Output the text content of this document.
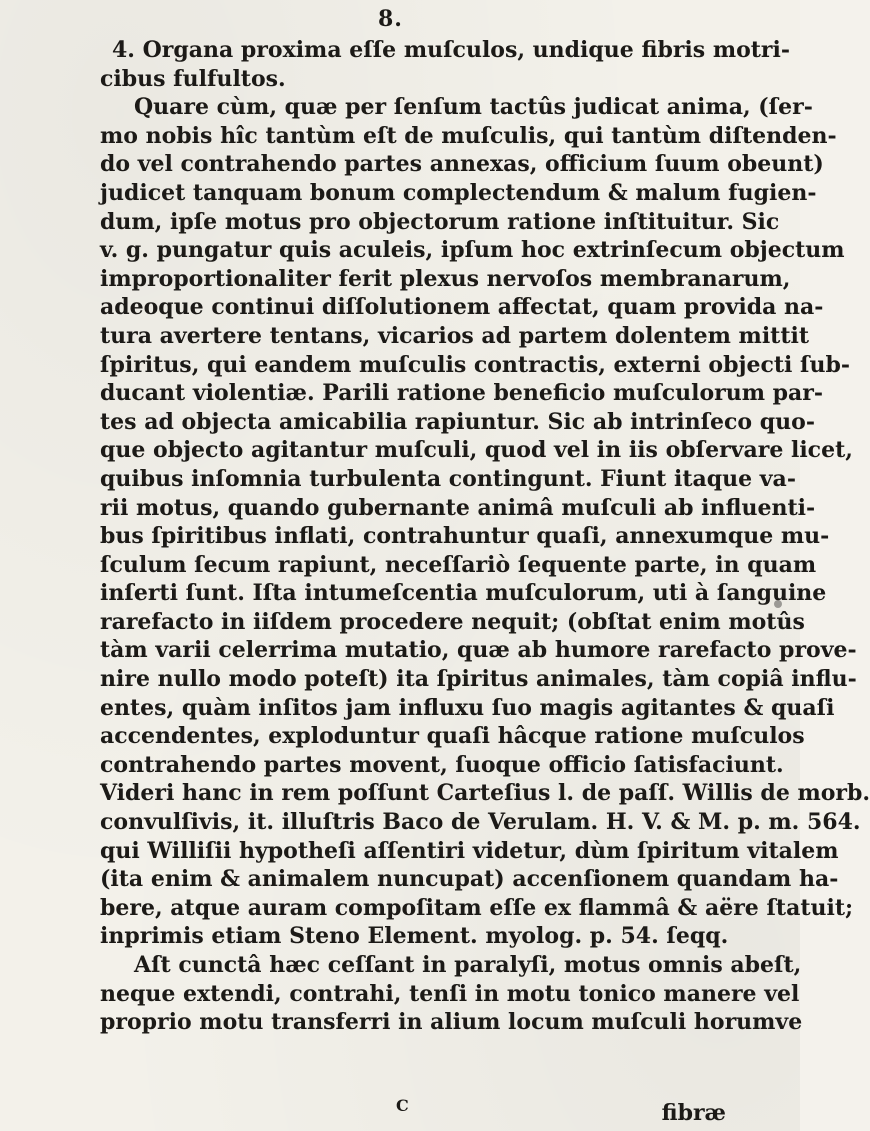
8.
4. Organa proxima eſſe muſculos, undique fibris motri-
cibus fulfultos.
Quare cùm, quæ per ſenſum tactûs judicat anima, (ſer-
mo nobis hîc tantùm eſt de muſculis, qui tantùm diſtenden-
do vel contrahendo partes annexas, officium ſuum obeunt)
judicet tanquam bonum complectendum & malum fugien-
dum, ipſe motus pro objectorum ratione inſtituitur. Sic
v. g. pungatur quis aculeis, ipſum hoc extrinſecum objectum
improportionaliter ferit plexus nervoſos membranarum,
adeoque continui diſſolutionem affectat, quam provida na-
tura avertere tentans, vicarios ad partem dolentem mittit
ſpiritus, qui eandem muſculis contractis, externi objecti ſub-
ducant violentiæ. Parili ratione beneficio muſculorum par-
tes ad objecta amicabilia rapiuntur. Sic ab intrinſeco quo-
que objecto agitantur muſculi, quod vel in iis obſervare licet,
quibus inſomnia turbulenta contingunt. Fiunt itaque va-
rii motus, quando gubernante animâ muſculi ab influenti-
bus ſpiritibus inflati, contrahuntur quaſi, annexumque mu-
ſculum ſecum rapiunt, neceſſariò ſequente parte, in quam
inſerti ſunt. Iſta intumeſcentia muſculorum, uti à ſanguine
rarefacto in iiſdem procedere nequit; (obſtat enim motûs
tàm varii celerrima mutatio, quæ ab humore rarefacto prove-
nire nullo modo poteſt) ita ſpiritus animales, tàm copiâ influ-
entes, quàm inſitos jam influxu ſuo magis agitantes & quaſi
accendentes, exploduntur quaſi hâcque ratione muſculos
contrahendo partes movent, ſuoque officio ſatisfaciunt.
Videri hanc in rem poſſunt Carteſius l. de paſſ. Willis de morb.
convulſivis, it. illuſtris Baco de Verulam. H. V. & M. p. m. 564.
qui Williſii hypotheſi aſſentiri videtur, dùm ſpiritum vitalem
(ita enim & animalem nuncupat) accenſionem quandam ha-
bere, atque auram compoſitam eſſe ex flammâ & aëre ſtatuit;
inprimis etiam Steno Element. myolog. p. 54. ſeqq.
Aſt cunctâ hæc ceſſant in paralyſi, motus omnis abeſt,
neque extendi, contrahi, tenſi in motu tonico manere vel
proprio motu transferri in alium locum muſculi horumve
C	fibræ
